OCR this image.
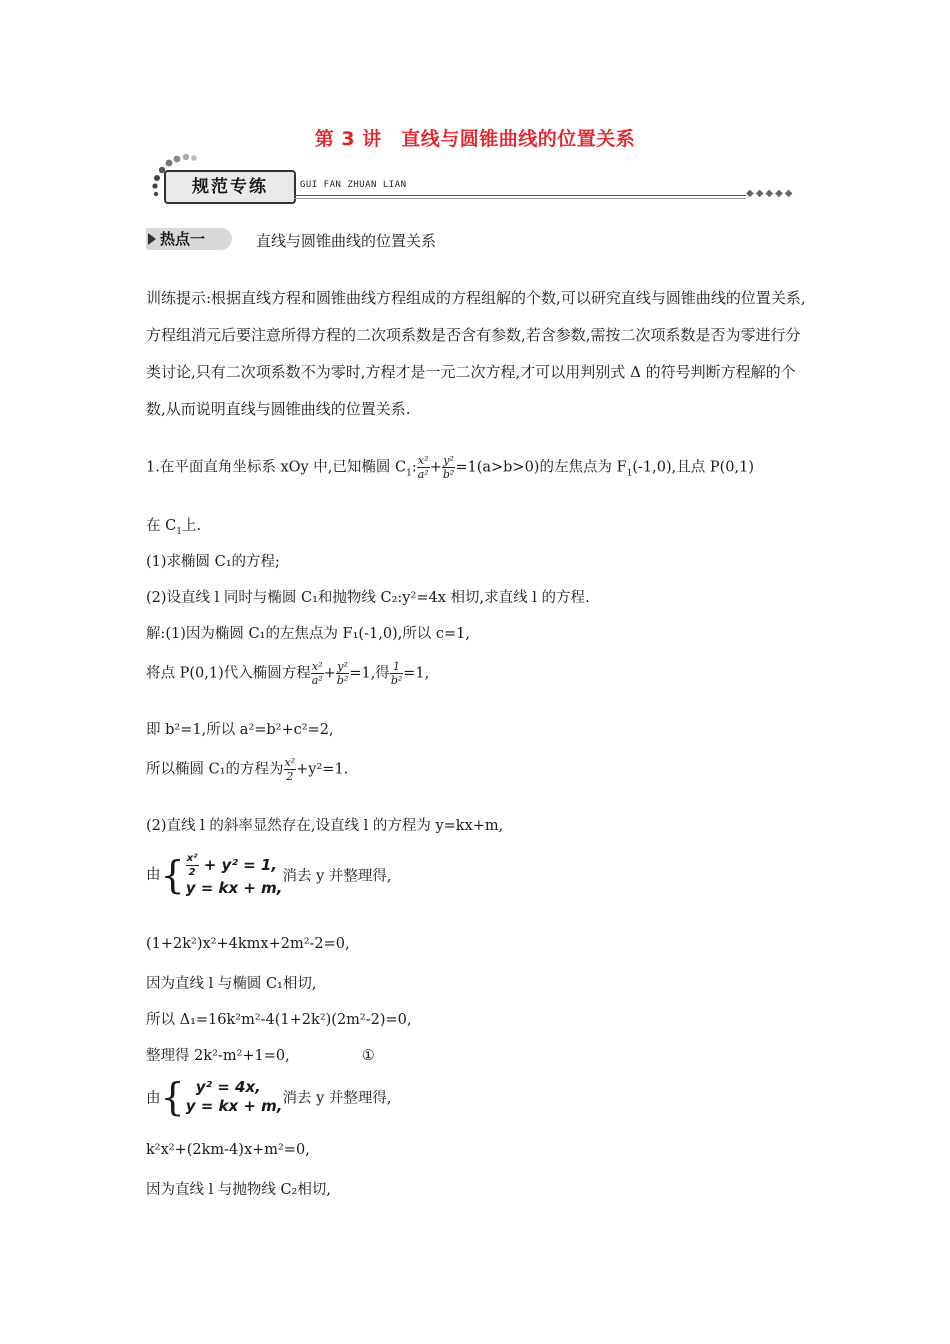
第 3 讲　直线与圆锥曲线的位置关系
规范专练	GUI FAN ZHUAN LIAN
◆◆◆◆◆
热点一	直线与圆锥曲线的位置关系
训练提示:根据直线方程和圆锥曲线方程组成的方程组解的个数,可以研究直线与圆锥曲线的位置关系,方程组消元后要注意所得方程的二次项系数是否含有参数,若含参数,需按二次项系数是否为零进行分类讨论,只有二次项系数不为零时,方程才是一元二次方程,才可以用判别式 Δ 的符号判断方程解的个数,从而说明直线与圆锥曲线的位置关系.
1.在平面直角坐标系 xOy 中,已知椭圆 $C_1$: $\frac{\text{x²}}{\text{a²}} + \frac{\text{y²}}{\text{b²}} =1(a>b>0)$的左焦点为 $F_1(-1,0)$,且点 P(0,1)
在 $C_1$上.
(1)求椭圆 C₁的方程;
(2)设直线 l 同时与椭圆 C₁和抛物线 C₂:y²=4x 相切,求直线 l 的方程.
解:(1)因为椭圆 C₁的左焦点为 F₁(-1,0),所以 c=1,
将点 P(0,1)代入椭圆方程 $\frac{\text{x²}}{\text{a²}} + \frac{\text{y²}}{\text{b²}} =1$,得 $\frac{1}{\text{b²}} =1$,
即 b²=1,所以 a²=b²+c²=2,
所以椭圆 C₁的方程为 $\frac{\text{x²}}{2} +y^2=1$.
(2)直线 l 的斜率显然存在,设直线 l 的方程为 y=kx+m,
由{ $\frac{\text{x²}}{2} + y^2 = 1$,
y = kx + m,
消去 y 并整理得,
(1+2k²)x²+4kmx+2m²-2=0,
因为直线 l 与椭圆 C₁相切,
所以 Δ₁=16k²m²-4(1+2k²)(2m²-2)=0,
整理得 2k²-m²+1=0,	①
由{ y² = 4x,
y = kx + m, 消去 y 并整理得,
k²x²+(2km-4)x+m²=0,
因为直线 l 与抛物线 C₂相切,
